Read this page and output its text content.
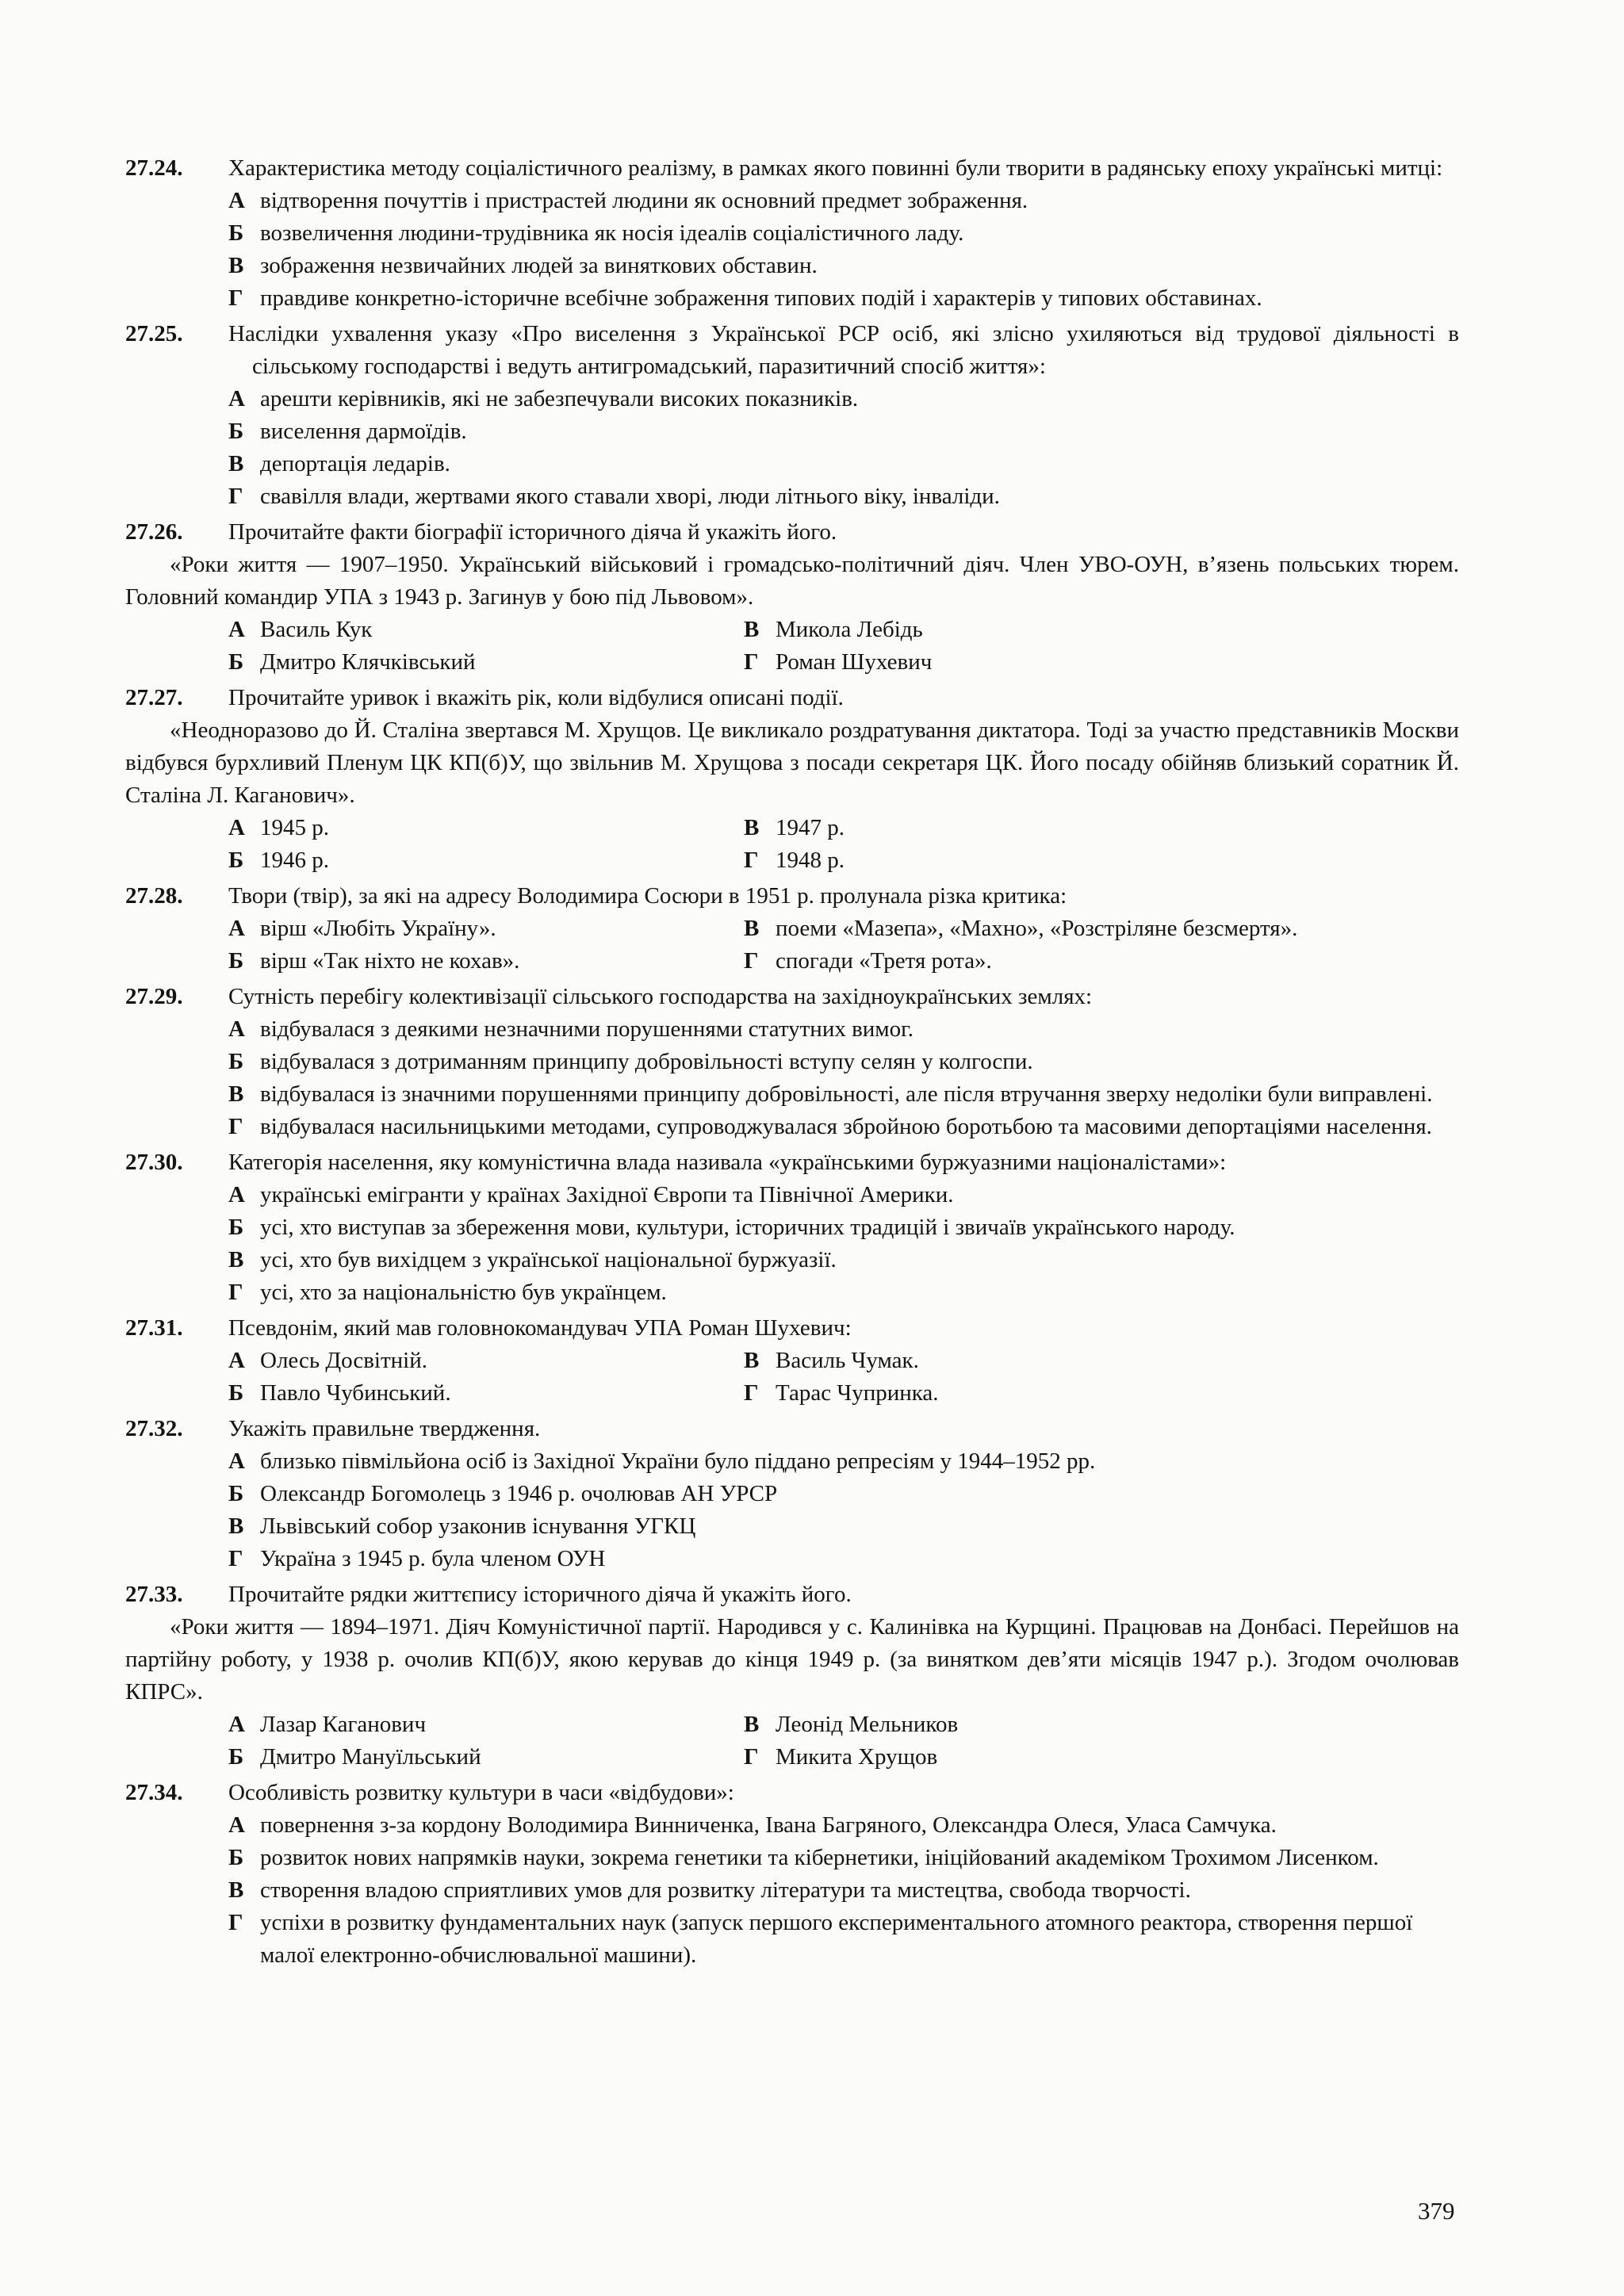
27.24. Характеристика методу соціалістичного реалізму, в рамках якого повинні були творити в радянську епоху українські митці:
А відтворення почуттів і пристрастей людини як основний предмет зображення.
Б возвеличення людини-трудівника як носія ідеалів соціалістичного ладу.
В зображення незвичайних людей за виняткових обставин.
Г правдиве конкретно-історичне всебічне зображення типових подій і характерів у типових обставинах.
27.25. Наслідки ухвалення указу «Про виселення з Української РСР осіб, які злісно ухиляються від трудової діяльності в сільському господарстві і ведуть антигромадський, паразитичний спосіб життя»:
А арешти керівників, які не забезпечували високих показників.
Б виселення дармоїдів.
В депортація ледарів.
Г свавілля влади, жертвами якого ставали хворі, люди літнього віку, інваліди.
27.26. Прочитайте факти біографії історичного діяча й укажіть його.
«Роки життя — 1907–1950. Український військовий і громадсько-політичний діяч. Член УВО-ОУН, в’язень польських тюрем. Головний командир УПА з 1943 р. Загинув у бою під Львовом».
А Василь Кук	В Микола Лебідь
Б Дмитро Клячківський	Г Роман Шухевич
27.27. Прочитайте уривок і вкажіть рік, коли відбулися описані події.
«Неодноразово до Й. Сталіна звертався М. Хрущов. Це викликало роздратування диктатора. Тоді за участю представників Москви відбувся бурхливий Пленум ЦК КП(б)У, що звільнив М. Хрущова з посади секретаря ЦК. Його посаду обійняв близький соратник Й. Сталіна Л. Каганович».
А 1945 р.	В 1947 р.
Б 1946 р.	Г 1948 р.
27.28. Твори (твір), за які на адресу Володимира Сосюри в 1951 р. пролунала різка критика:
А вірш «Любіть Україну».	В поеми «Мазепа», «Махно», «Розстріляне безсмертя».
Б вірш «Так ніхто не кохав».	Г спогади «Третя рота».
27.29. Сутність перебігу колективізації сільського господарства на західноукраїнських землях:
А відбувалася з деякими незначними порушеннями статутних вимог.
Б відбувалася з дотриманням принципу добровільності вступу селян у колгоспи.
В відбувалася із значними порушеннями принципу добровільності, але після втручання зверху недоліки були виправлені.
Г відбувалася насильницькими методами, супроводжувалася збройною боротьбою та масовими депортаціями населення.
27.30. Категорія населення, яку комуністична влада називала «українськими буржуазними націоналістами»:
А українські емігранти у країнах Західної Європи та Північної Америки.
Б усі, хто виступав за збереження мови, культури, історичних традицій і звичаїв українського народу.
В усі, хто був вихідцем з української національної буржуазії.
Г усі, хто за національністю був українцем.
27.31. Псевдонім, який мав головнокомандувач УПА Роман Шухевич:
А Олесь Досвітній.	В Василь Чумак.
Б Павло Чубинський.	Г Тарас Чупринка.
27.32. Укажіть правильне твердження.
А близько півмільйона осіб із Західної України було піддано репресіям у 1944–1952 рр.
Б Олександр Богомолець з 1946 р. очолював АН УРСР
В Львівський собор узаконив існування УГКЦ
Г Україна з 1945 р. була членом ОУН
27.33. Прочитайте рядки життєпису історичного діяча й укажіть його.
«Роки життя — 1894–1971. Діяч Комуністичної партії. Народився у с. Калинівка на Курщині. Працював на Донбасі. Перейшов на партійну роботу, у 1938 р. очолив КП(б)У, якою керував до кінця 1949 р. (за винятком дев’яти місяців 1947 р.). Згодом очолював КПРС».
А Лазар Каганович	В Леонід Мельников
Б Дмитро Мануїльський	Г Микита Хрущов
27.34. Особливість розвитку культури в часи «відбудови»:
А повернення з-за кордону Володимира Винниченка, Івана Багряного, Олександра Олеся, Уласа Самчука.
Б розвиток нових напрямків науки, зокрема генетики та кібернетики, ініційований академіком Трохимом Лисенком.
В створення владою сприятливих умов для розвитку літератури та мистецтва, свобода творчості.
Г успіхи в розвитку фундаментальних наук (запуск першого експериментального атомного реактора, створення першої малої електронно-обчислювальної машини).
379
